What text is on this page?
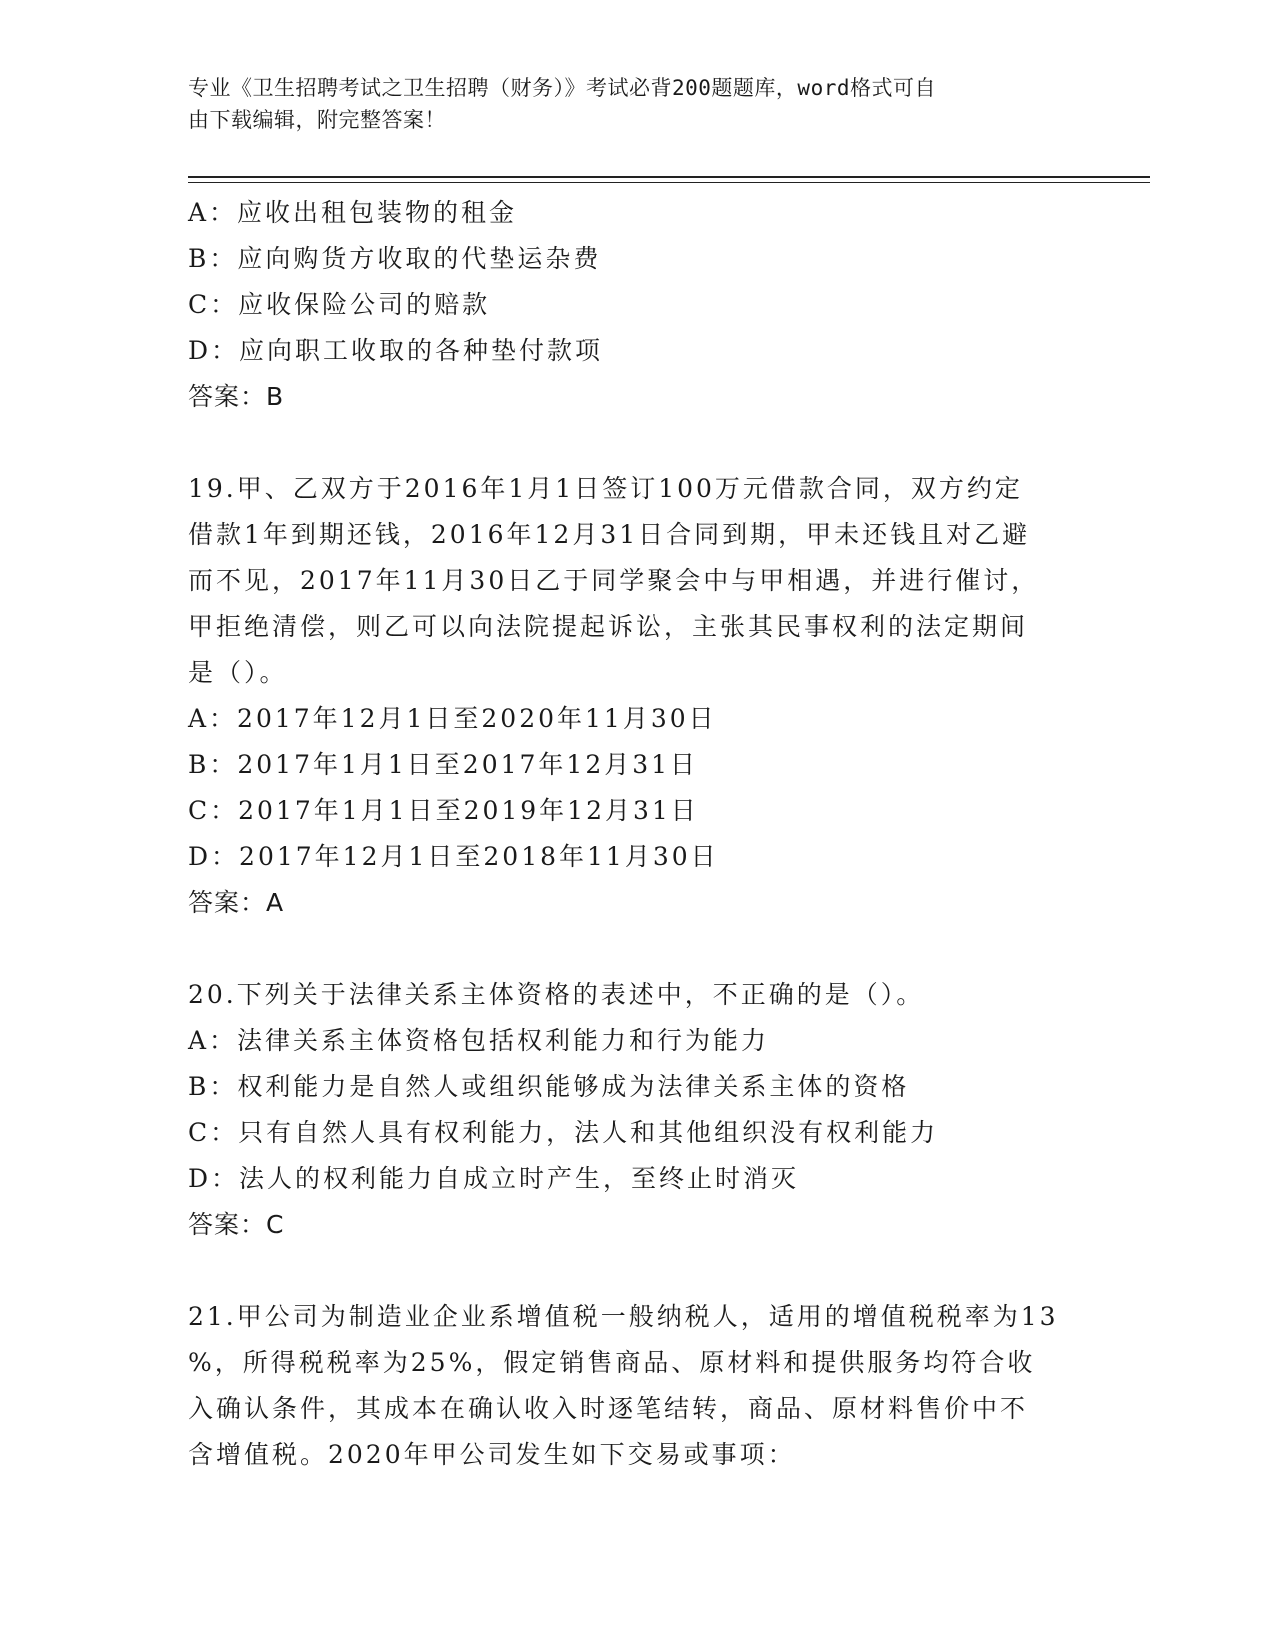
专业《卫生招聘考试之卫生招聘（财务）》考试必背200题题库，word格式可自
由下载编辑，附完整答案！
A：应收出租包装物的租金
B：应向购货方收取的代垫运杂费
C：应收保险公司的赔款
D：应向职工收取的各种垫付款项
答案：B
19.甲、乙双方于2016年1月1日签订100万元借款合同，双方约定
借款1年到期还钱，2016年12月31日合同到期，甲未还钱且对乙避
而不见，2017年11月30日乙于同学聚会中与甲相遇，并进行催讨，
甲拒绝清偿，则乙可以向法院提起诉讼，主张其民事权利的法定期间
是（）。
A：2017年12月1日至2020年11月30日
B：2017年1月1日至2017年12月31日
C：2017年1月1日至2019年12月31日
D：2017年12月1日至2018年11月30日
答案：A
20.下列关于法律关系主体资格的表述中，不正确的是（）。
A：法律关系主体资格包括权利能力和行为能力
B：权利能力是自然人或组织能够成为法律关系主体的资格
C：只有自然人具有权利能力，法人和其他组织没有权利能力
D：法人的权利能力自成立时产生，至终止时消灭
答案：C
21.甲公司为制造业企业系增值税一般纳税人，适用的增值税税率为13
%，所得税税率为25%，假定销售商品、原材料和提供服务均符合收
入确认条件，其成本在确认收入时逐笔结转，商品、原材料售价中不
含增值税。2020年甲公司发生如下交易或事项：
